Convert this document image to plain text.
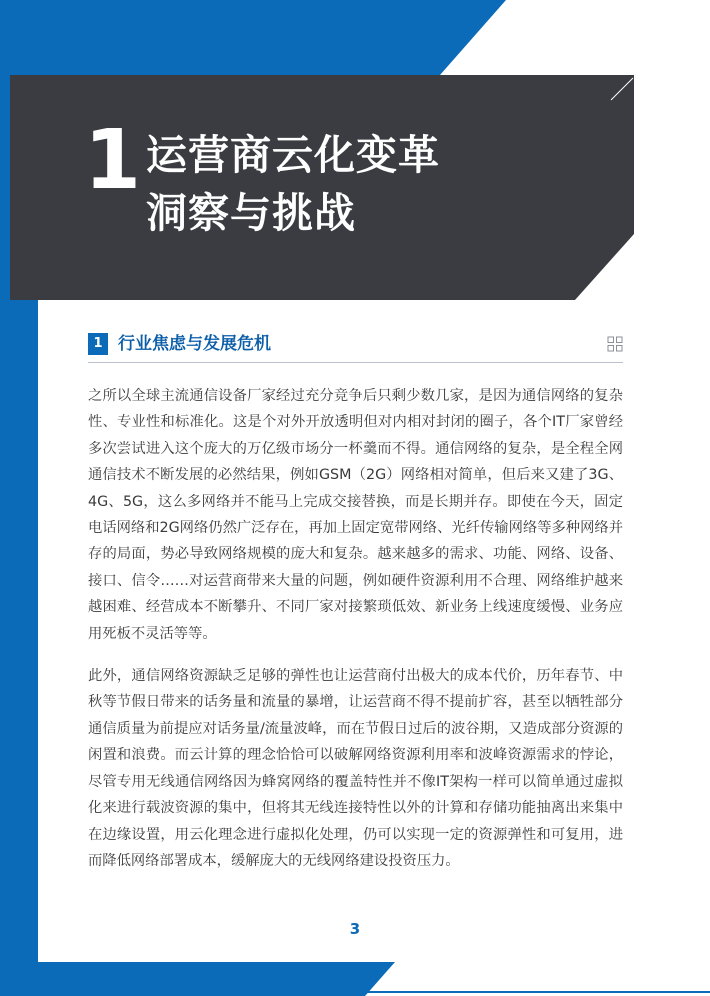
1 运营商云化变革
洞察与挑战
1 行业焦虑与发展危机

之所以全球主流通信设备厂家经过充分竞争后只剩少数几家，是因为通信网络的复杂性、专业性和标准化。这是个对外开放透明但对内相对封闭的圈子，各个IT厂家曾经多次尝试进入这个庞大的万亿级市场分一杯羹而不得。通信网络的复杂，是全程全网通信技术不断发展的必然结果，例如GSM（2G）网络相对简单，但后来又建了3G、4G、5G，这么多网络并不能马上完成交接替换，而是长期并存。即使在今天，固定电话网络和2G网络仍然广泛存在，再加上固定宽带网络、光纤传输网络等多种网络并存的局面，势必导致网络规模的庞大和复杂。越来越多的需求、功能、网络、设备、接口、信令……对运营商带来大量的问题，例如硬件资源利用不合理、网络维护越来越困难、经营成本不断攀升、不同厂家对接繁琐低效、新业务上线速度缓慢、业务应用死板不灵活等等。

此外，通信网络资源缺乏足够的弹性也让运营商付出极大的成本代价，历年春节、中秋等节假日带来的话务量和流量的暴增，让运营商不得不提前扩容，甚至以牺牲部分通信质量为前提应对话务量/流量波峰，而在节假日过后的波谷期，又造成部分资源的闲置和浪费。而云计算的理念恰恰可以破解网络资源利用率和波峰资源需求的悖论，尽管专用无线通信网络因为蜂窝网络的覆盖特性并不像IT架构一样可以简单通过虚拟化来进行载波资源的集中，但将其无线连接特性以外的计算和存储功能抽离出来集中在边缘设置，用云化理念进行虚拟化处理，仍可以实现一定的资源弹性和可复用，进而降低网络部署成本，缓解庞大的无线网络建设投资压力。

3
